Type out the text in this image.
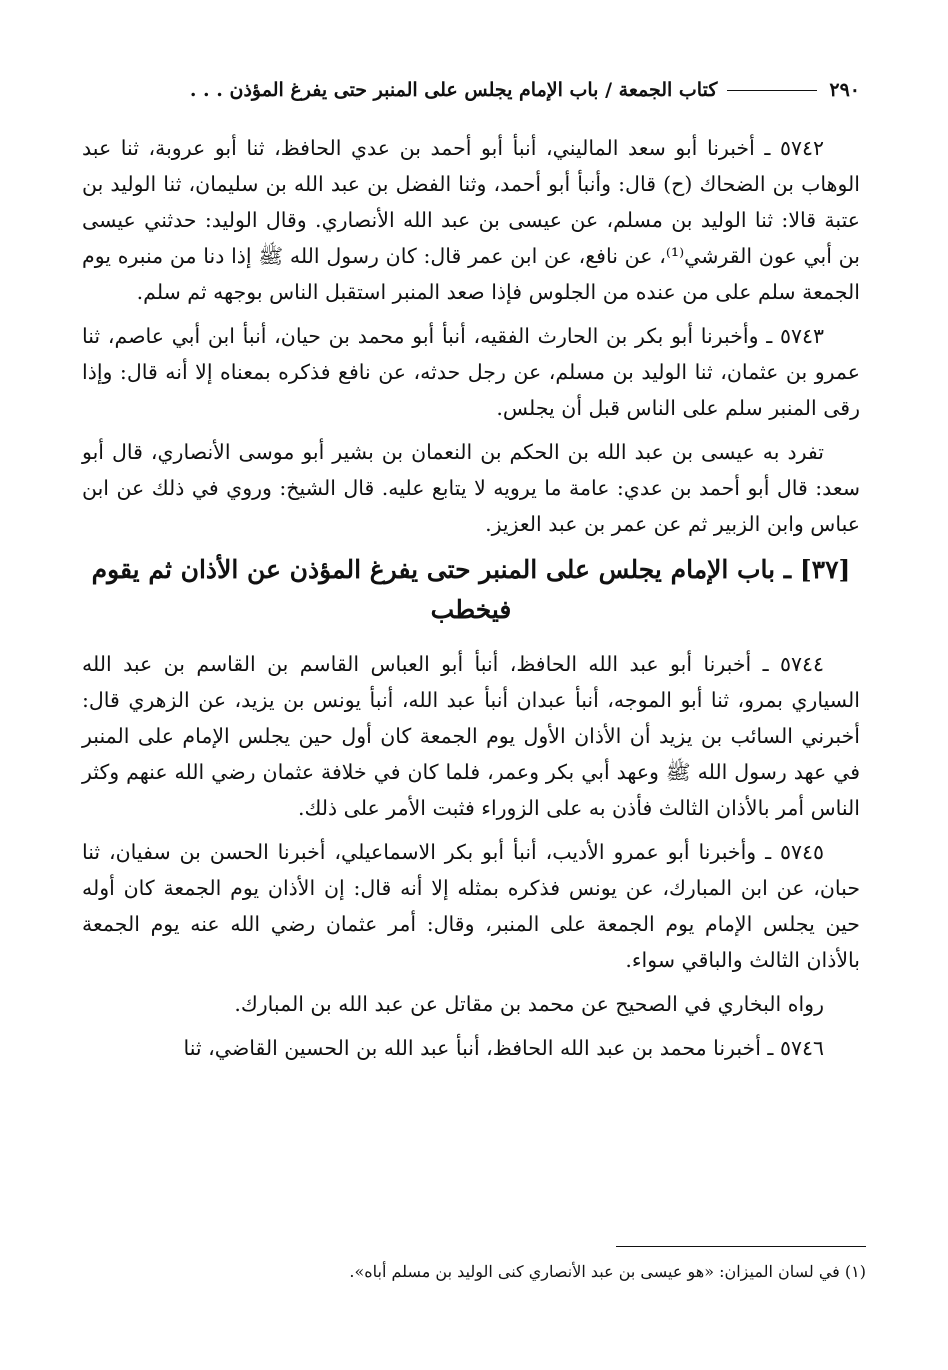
٢٩٠
كتاب الجمعة / باب الإمام يجلس على المنبر حتى يفرغ المؤذن . . .

٥٧٤٢ ـ أخبرنا أبو سعد الماليني، أنبأ أبو أحمد بن عدي الحافظ، ثنا أبو عروبة، ثنا عبد الوهاب بن الضحاك (ح) قال: وأنبأ أبو أحمد، وثنا الفضل بن عبد الله بن سليمان، ثنا الوليد بن عتبة قالا: ثنا الوليد بن مسلم، عن عيسى بن عبد الله الأنصاري. وقال الوليد: حدثني عيسى بن أبي عون القرشي⁽¹⁾، عن نافع، عن ابن عمر قال: كان رسول الله ﷺ إذا دنا من منبره يوم الجمعة سلم على من عنده من الجلوس فإذا صعد المنبر استقبل الناس بوجهه ثم سلم.

٥٧٤٣ ـ وأخبرنا أبو بكر بن الحارث الفقيه، أنبأ أبو محمد بن حيان، أنبأ ابن أبي عاصم، ثنا عمرو بن عثمان، ثنا الوليد بن مسلم، عن رجل حدثه، عن نافع فذكره بمعناه إلا أنه قال: وإذا رقى المنبر سلم على الناس قبل أن يجلس.

تفرد به عيسى بن عبد الله بن الحكم بن النعمان بن بشير أبو موسى الأنصاري، قال أبو سعد: قال أبو أحمد بن عدي: عامة ما يرويه لا يتابع عليه. قال الشيخ: وروي في ذلك عن ابن عباس وابن الزبير ثم عن عمر بن عبد العزيز.

[٣٧] ـ باب الإمام يجلس على المنبر حتى يفرغ المؤذن عن الأذان ثم يقوم فيخطب

٥٧٤٤ ـ أخبرنا أبو عبد الله الحافظ، أنبأ أبو العباس القاسم بن القاسم بن عبد الله السياري بمرو، ثنا أبو الموجه، أنبأ عبدان أنبأ عبد الله، أنبأ يونس بن يزيد، عن الزهري قال: أخبرني السائب بن يزيد أن الأذان الأول يوم الجمعة كان أول حين يجلس الإمام على المنبر في عهد رسول الله ﷺ وعهد أبي بكر وعمر، فلما كان في خلافة عثمان رضي الله عنهم وكثر الناس أمر بالأذان الثالث فأذن به على الزوراء فثبت الأمر على ذلك.

٥٧٤٥ ـ وأخبرنا أبو عمرو الأديب، أنبأ أبو بكر الاسماعيلي، أخبرنا الحسن بن سفيان، ثنا حبان، عن ابن المبارك، عن يونس فذكره بمثله إلا أنه قال: إن الأذان يوم الجمعة كان أوله حين يجلس الإمام يوم الجمعة على المنبر، وقال: أمر عثمان رضي الله عنه يوم الجمعة بالأذان الثالث والباقي سواء.

رواه البخاري في الصحيح عن محمد بن مقاتل عن عبد الله بن المبارك.

٥٧٤٦ ـ أخبرنا محمد بن عبد الله الحافظ، أنبأ عبد الله بن الحسين القاضي، ثنا

(١) في لسان الميزان: «هو عيسى بن عبد الأنصاري كنى الوليد بن مسلم أباه».
